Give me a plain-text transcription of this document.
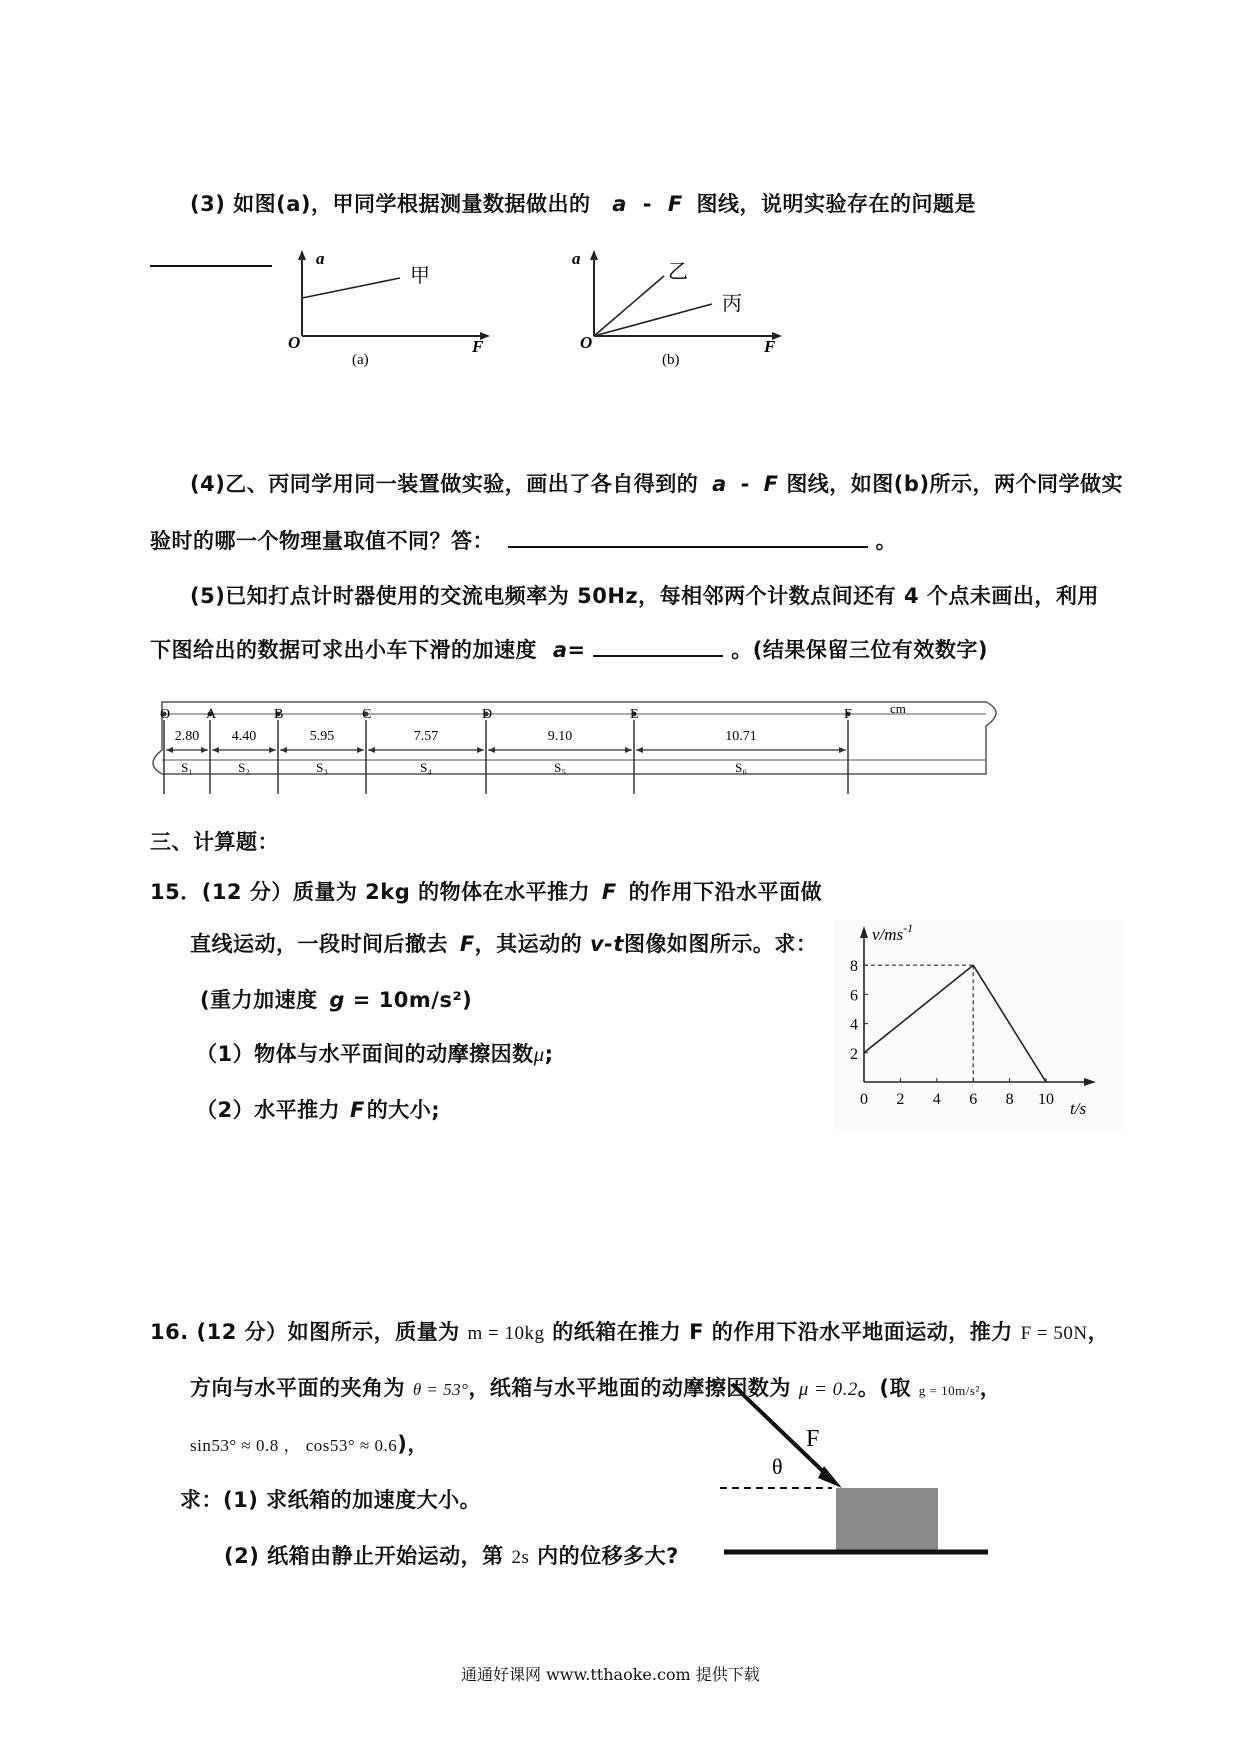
(3) 如图(a)，甲同学根据测量数据做出的 a - F 图线，说明实验存在的问题是
a
O	F
甲
(a)
a
O	F
乙
丙
(b)
(4)乙、丙同学用同一装置做实验，画出了各自得到的 a - F 图线，如图(b)所示，两个同学做实
验时的哪一个物理量取值不同？答：	。
(5)已知打点计时器使用的交流电频率为 50Hz，每相邻两个计数点间还有 4 个点未画出，利用
下图给出的数据可求出小车下滑的加速度 a=	。(结果保留三位有效数字)
cm
O	A	B	C	D	E	F
2.80
S₁
4.40
S₂
5.95
S₃
7.57
S₄
9.10
S₅
10.71
S₆
三、计算题：
15．(12 分）质量为 2kg 的物体在水平推力 F 的作用下沿水平面做
直线运动，一段时间后撤去 F，其运动的 v-t图像如图所示。求：
(重力加速度 g = 10m/s²)
（1）物体与水平面间的动摩擦因数μ;
（2）水平推力 F的大小;
$v/ms^{-1}$
t/s
0 2 4 6 8 10
2
4
6
8
16. (12 分）如图所示，质量为 m = 10kg 的纸箱在推力 F 的作用下沿水平地面运动，推力 F = 50N，
方向与水平面的夹角为 θ = 53°，纸箱与水平地面的动摩擦因数为 μ = 0.2。(取 g = 10m/s²，
sin53° ≈ 0.8 ， cos53° ≈ 0.6)，
求：(1) 求纸箱的加速度大小。
(2) 纸箱由静止开始运动，第 2s 内的位移多大?
F
θ
通通好课网 www.tthaoke.com 提供下载
